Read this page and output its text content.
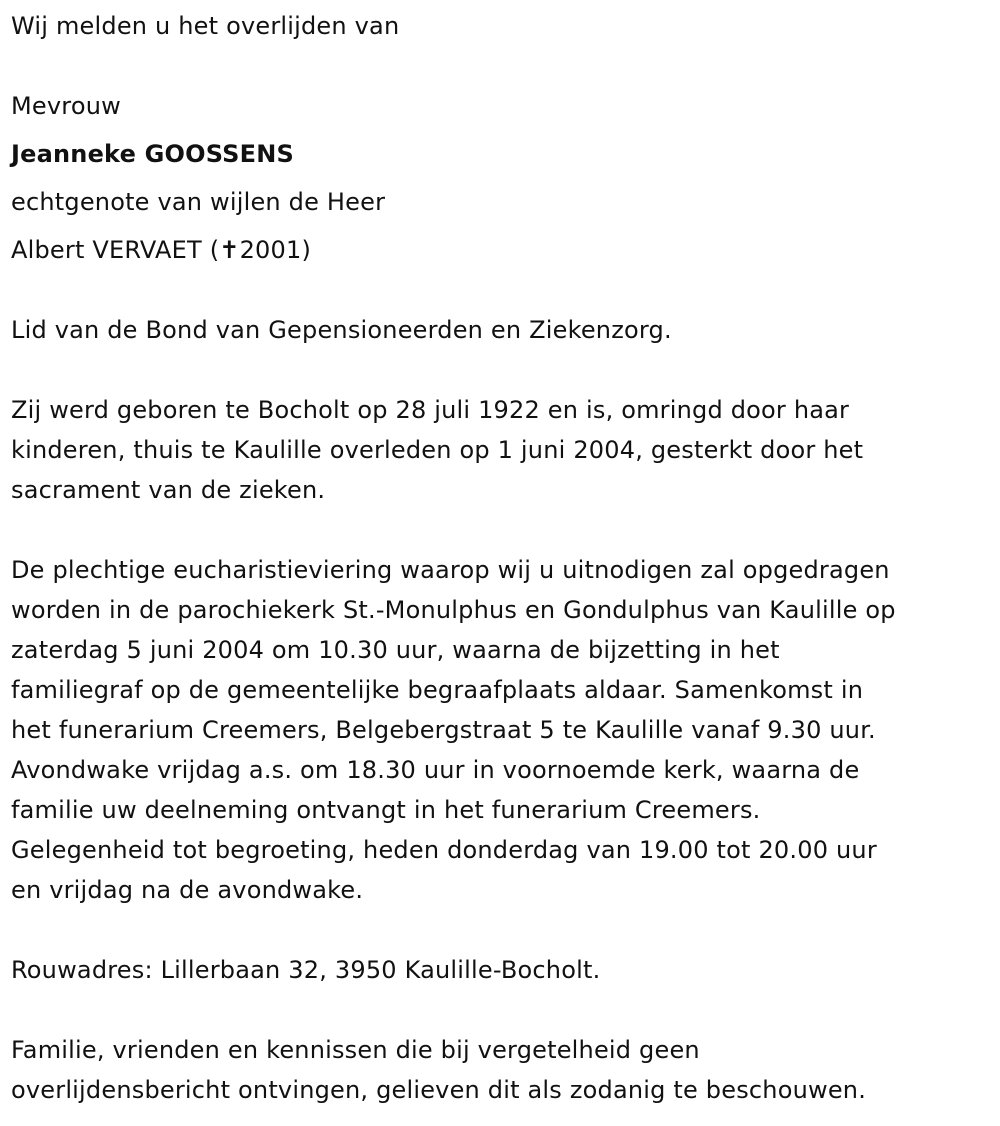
Wij melden u het overlijden van
Mevrouw
Jeanneke GOOSSENS
echtgenote van wijlen de Heer
Albert VERVAET (✝2001)
Lid van de Bond van Gepensioneerden en Ziekenzorg.
Zij werd geboren te Bocholt op 28 juli 1922 en is, omringd door haar
kinderen, thuis te Kaulille overleden op 1 juni 2004, gesterkt door het
sacrament van de zieken.
De plechtige eucharistieviering waarop wij u uitnodigen zal opgedragen
worden in de parochiekerk St.-Monulphus en Gondulphus van Kaulille op
zaterdag 5 juni 2004 om 10.30 uur, waarna de bijzetting in het
familiegraf op de gemeentelijke begraafplaats aldaar. Samenkomst in
het funerarium Creemers, Belgebergstraat 5 te Kaulille vanaf 9.30 uur.
Avondwake vrijdag a.s. om 18.30 uur in voornoemde kerk, waarna de
familie uw deelneming ontvangt in het funerarium Creemers.
Gelegenheid tot begroeting, heden donderdag van 19.00 tot 20.00 uur
en vrijdag na de avondwake.
Rouwadres: Lillerbaan 32, 3950 Kaulille-Bocholt.
Familie, vrienden en kennissen die bij vergetelheid geen
overlijdensbericht ontvingen, gelieven dit als zodanig te beschouwen.
